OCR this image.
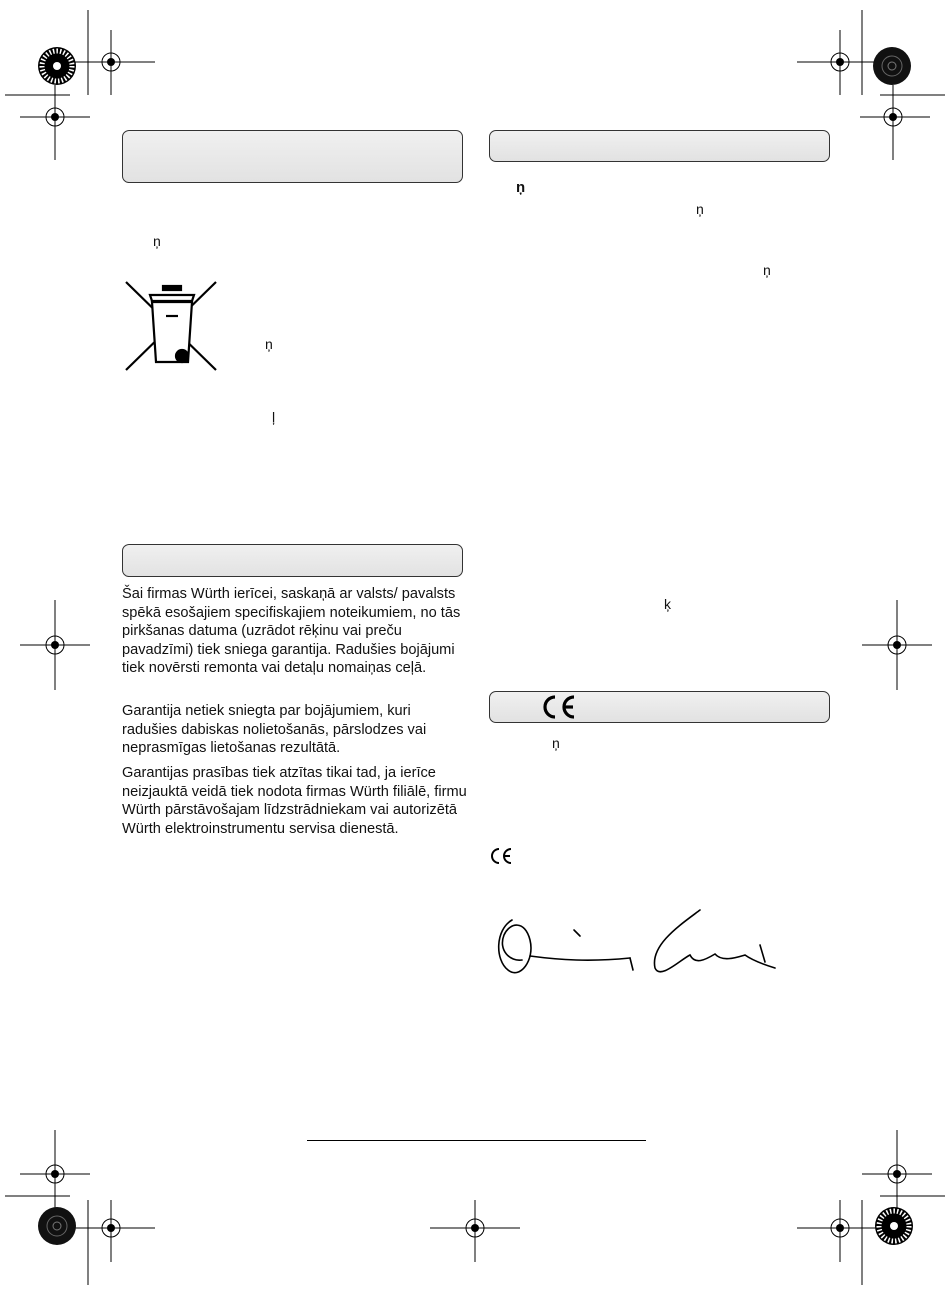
ņ
ņ
ļ

Šai firmas Würth ierīcei, saskaņā ar valsts/ pavalsts spēkā esošajiem specifiskajiem noteikumiem, no tās pirkšanas datuma (uzrādot rēķinu vai preču pavadzīmi) tiek sniega garantija. Radušies bojājumi tiek novērsti remonta vai detaļu nomaiņas ceļā.

Garantija netiek sniegta par bojājumiem, kuri radušies dabiskas nolietošanās, pārslodzes vai neprasmīgas lietošanas rezultātā.

Garantijas prasības tiek atzītas tikai tad, ja ierīce neizjauktā veidā tiek nodota firmas Würth filiālē, firmu Würth pārstāvošajam līdzstrādniekam vai autorizētā Würth elektroinstrumentu servisa dienestā.

ņ
ņ
ņ
ķ
ņ
